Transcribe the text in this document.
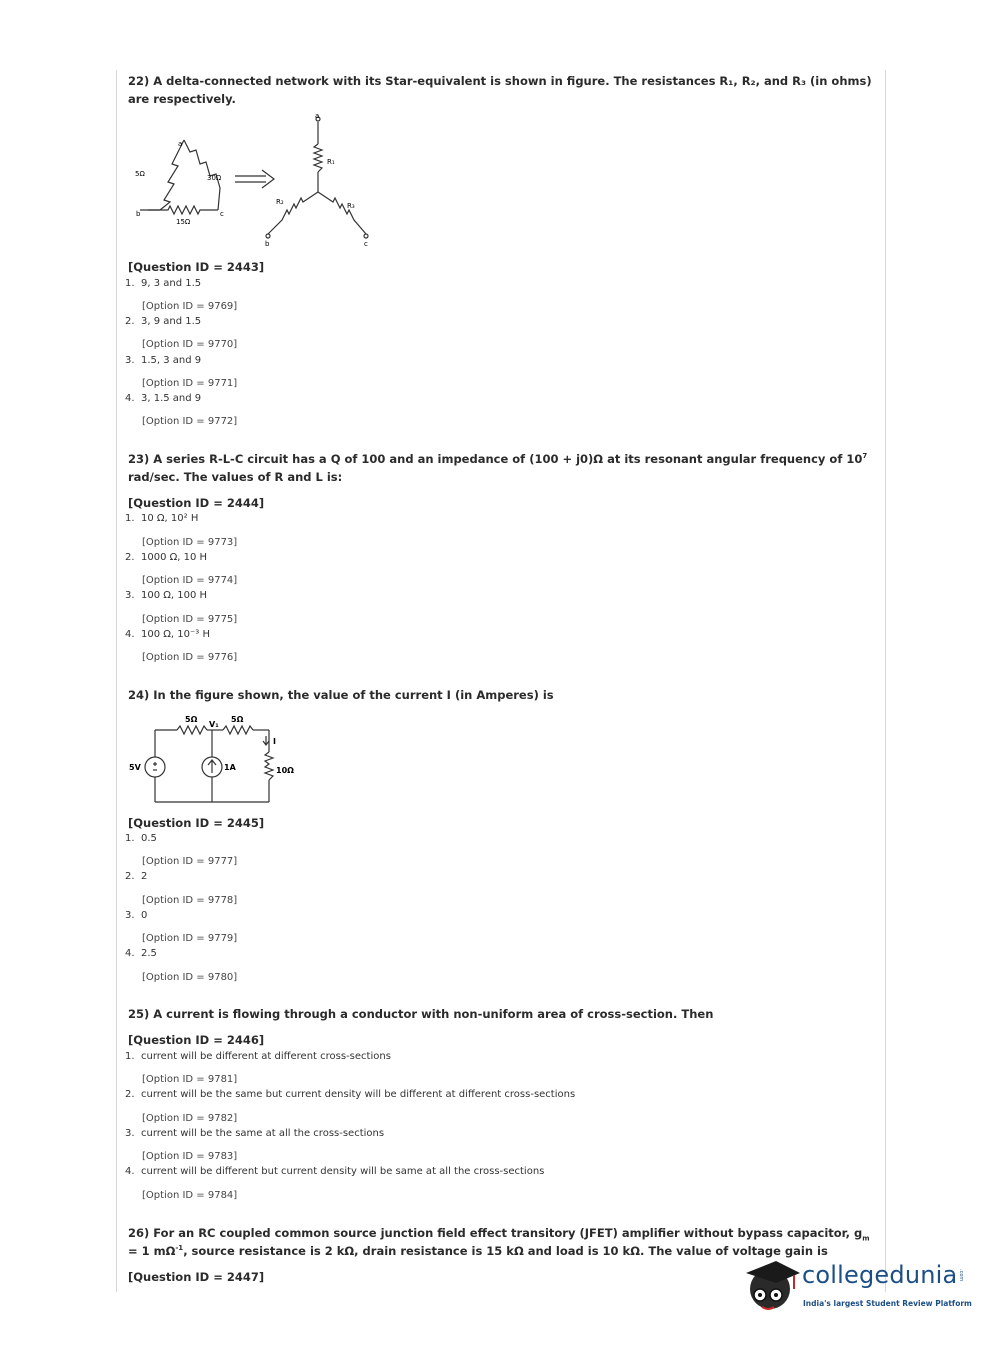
22) A delta-connected network with its Star-equivalent is shown in figure. The resistances R₁, R₂, and R₃ (in ohms) are respectively.
5Ω	30Ω
15Ω
a
b	c
R₁
R₂	R₃
a
b	c
[Question ID = 2443]
1. 9, 3 and 1.5
[Option ID = 9769]
2. 3, 9 and 1.5
[Option ID = 9770]
3. 1.5, 3 and 9
[Option ID = 9771]
4. 3, 1.5 and 9
[Option ID = 9772]
23) A series R-L-C circuit has a Q of 100 and an impedance of (100 + j0)Ω at its resonant angular frequency of $10^7$ rad/sec. The values of R and L is:
[Question ID = 2444]
1. 10 Ω, 10² H
[Option ID = 9773]
2. 1000 Ω, 10 H
[Option ID = 9774]
3. 100 Ω, 100 H
[Option ID = 9775]
4. 100 Ω, 10⁻³ H
[Option ID = 9776]
24) In the figure shown, the value of the current I (in Amperes) is
5Ω
V₁
5Ω
5V	1A	10Ω
I
[Question ID = 2445]
1. 0.5
[Option ID = 9777]
2. 2
[Option ID = 9778]
3. 0
[Option ID = 9779]
4. 2.5
[Option ID = 9780]
25) A current is flowing through a conductor with non-uniform area of cross-section. Then
[Question ID = 2446]
1. current will be different at different cross-sections
[Option ID = 9781]
2. current will be the same but current density will be different at different cross-sections
[Option ID = 9782]
3. current will be the same at all the cross-sections
[Option ID = 9783]
4. current will be different but current density will be same at all the cross-sections
[Option ID = 9784]
26) For an RC coupled common source junction field effect transitory (JFET) amplifier without bypass capacitor, $g_m = 1$ $m\Omega^{-1}$, source resistance is 2 kΩ, drain resistance is 15 kΩ and load is 10 kΩ. The value of voltage gain is
[Question ID = 2447]	collegedunia .com
India's largest Student Review Platform
